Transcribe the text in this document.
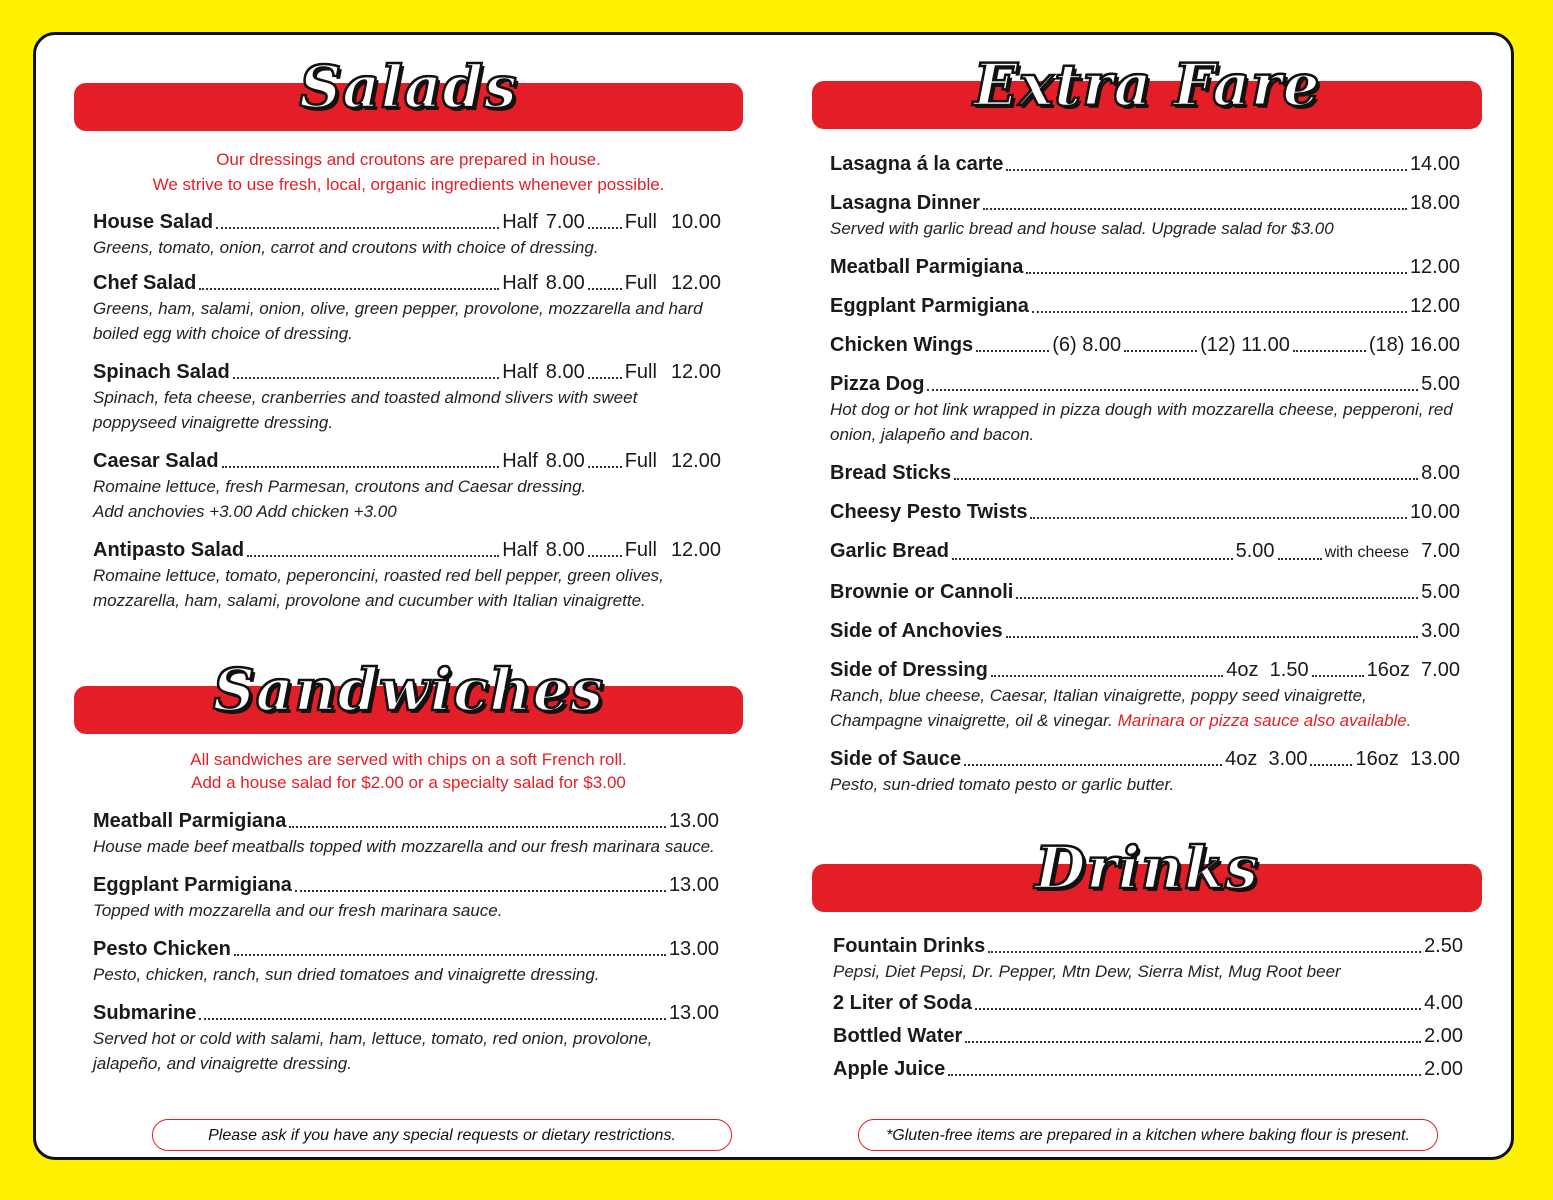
Salads
Our dressings and croutons are prepared in house.
We strive to use fresh, local, organic ingredients whenever possible.
House Salad	Half 7.00 Full 10.00
Greens, tomato, onion, carrot and croutons with choice of dressing.
Chef Salad	Half 8.00 Full 12.00
Greens, ham, salami, onion, olive, green pepper, provolone, mozzarella and hard
boiled egg with choice of dressing.
Spinach Salad	Half 8.00 Full 12.00
Spinach, feta cheese, cranberries and toasted almond slivers with sweet
poppyseed vinaigrette dressing.
Caesar Salad	Half 8.00 Full 12.00
Romaine lettuce, fresh Parmesan, croutons and Caesar dressing.
Add anchovies +3.00 Add chicken +3.00
Antipasto Salad	Half 8.00 Full 12.00
Romaine lettuce, tomato, peperoncini, roasted red bell pepper, green olives,
mozzarella, ham, salami, provolone and cucumber with Italian vinaigrette.
Sandwiches
All sandwiches are served with chips on a soft French roll.
Add a house salad for $2.00 or a specialty salad for $3.00
Meatball Parmigiana	13.00
House made beef meatballs topped with mozzarella and our fresh marinara sauce.
Eggplant Parmigiana	13.00
Topped with mozzarella and our fresh marinara sauce.
Pesto Chicken	13.00
Pesto, chicken, ranch, sun dried tomatoes and vinaigrette dressing.
Submarine	13.00
Served hot or cold with salami, ham, lettuce, tomato, red onion, provolone,
jalapeño, and vinaigrette dressing.
Please ask if you have any special requests or dietary restrictions.
Extra Fare
Lasagna á la carte	14.00
Lasagna Dinner	18.00
Served with garlic bread and house salad. Upgrade salad for $3.00
Meatball Parmigiana	12.00
Eggplant Parmigiana	12.00
Chicken Wings	(6) 8.00	(12) 11.00	(18) 16.00
Pizza Dog	5.00
Hot dog or hot link wrapped in pizza dough with mozzarella cheese, pepperoni, red
onion, jalapeño and bacon.
Bread Sticks	8.00
Cheesy Pesto Twists	10.00
Garlic Bread	5.00	with cheese 7.00
Brownie or Cannoli	5.00
Side of Anchovies	3.00
Side of Dressing	4oz  1.50	16oz  7.00
Ranch, blue cheese, Caesar, Italian vinaigrette, poppy seed vinaigrette,
Champagne vinaigrette, oil & vinegar. Marinara or pizza sauce also available.
Side of Sauce	4oz  3.00 16oz  13.00
Pesto, sun-dried tomato pesto or garlic butter.
Drinks
Fountain Drinks	2.50
Pepsi, Diet Pepsi, Dr. Pepper, Mtn Dew, Sierra Mist, Mug Root beer
2 Liter of Soda	4.00
Bottled Water	2.00
Apple Juice	2.00
*Gluten-free items are prepared in a kitchen where baking flour is present.
